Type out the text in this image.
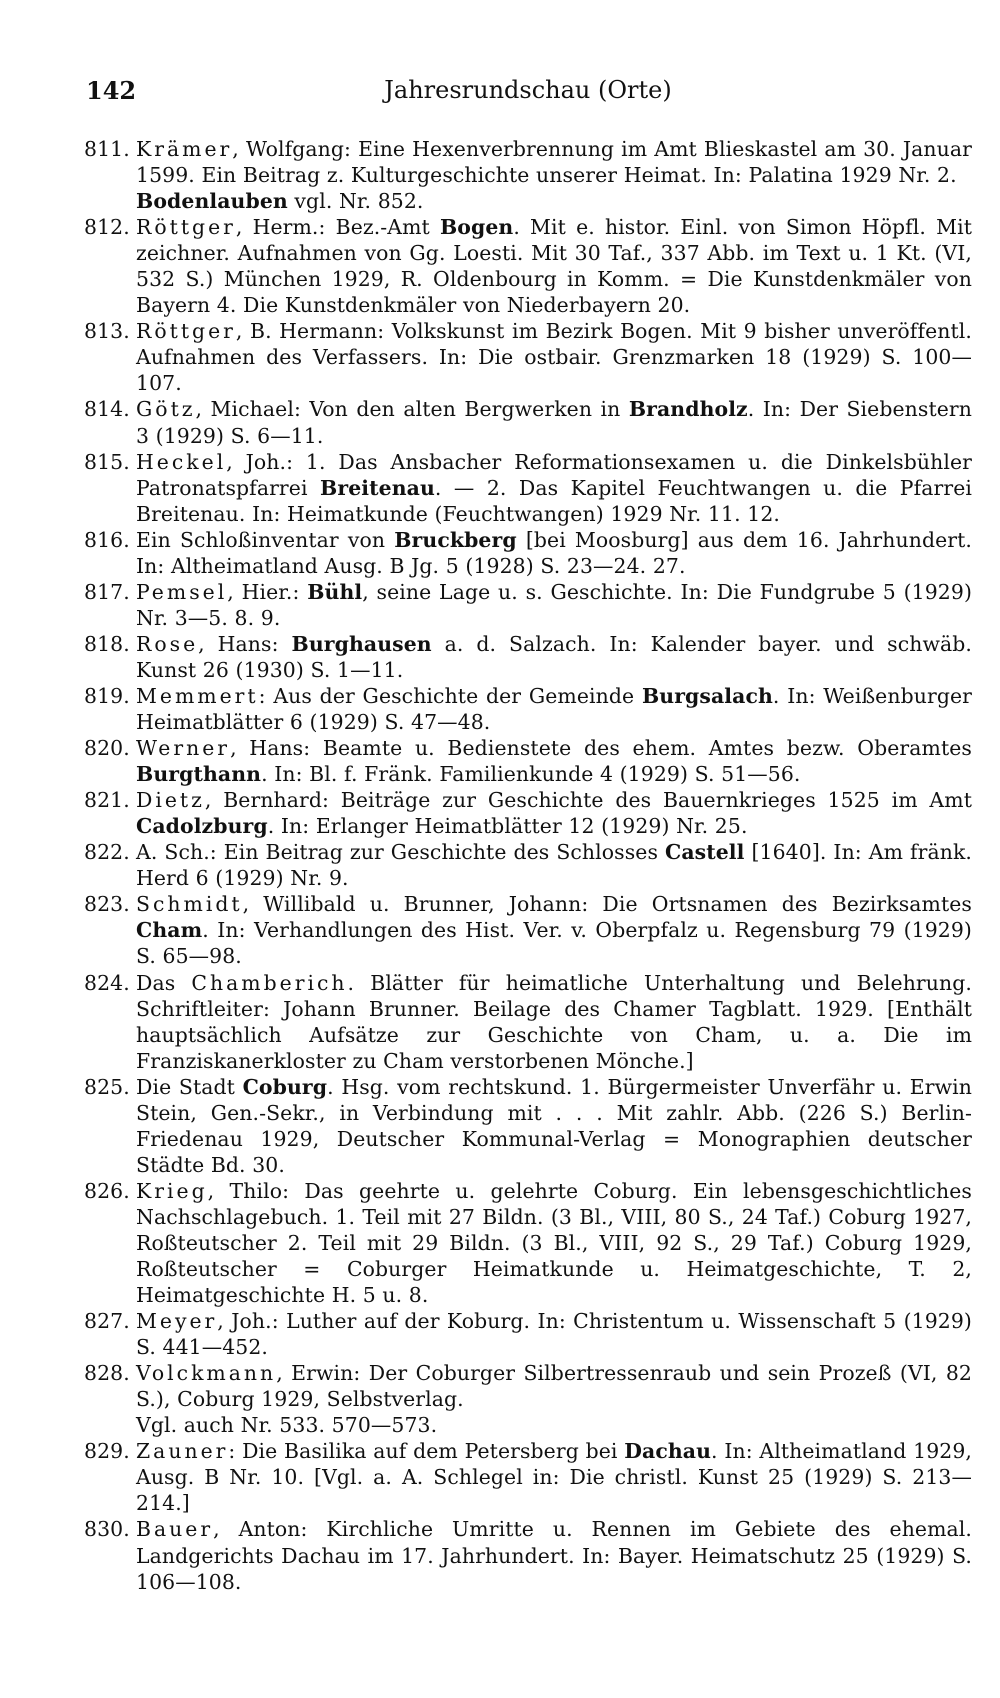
142	Jahresrundschau (Orte)
811. Krämer, Wolfgang: Eine Hexenverbrennung im Amt Blieskastel am 30. Januar 1599. Ein Beitrag z. Kulturgeschichte unserer Heimat. In: Palatina 1929 Nr. 2.
Bodenlauben vgl. Nr. 852.
812. Röttger, Herm.: Bez.-Amt Bogen. Mit e. histor. Einl. von Simon Höpfl. Mit zeichner. Aufnahmen von Gg. Loesti. Mit 30 Taf., 337 Abb. im Text u. 1 Kt. (VI, 532 S.) München 1929, R. Oldenbourg in Komm. = Die Kunstdenkmäler von Bayern 4. Die Kunstdenkmäler von Niederbayern 20.
813. Röttger, B. Hermann: Volkskunst im Bezirk Bogen. Mit 9 bisher unveröffentl. Aufnahmen des Verfassers. In: Die ostbair. Grenzmarken 18 (1929) S. 100—107.
814. Götz, Michael: Von den alten Bergwerken in Brandholz. In: Der Siebenstern 3 (1929) S. 6—11.
815. Heckel, Joh.: 1. Das Ansbacher Reformationsexamen u. die Dinkelsbühler Patronatspfarrei Breitenau. — 2. Das Kapitel Feuchtwangen u. die Pfarrei Breitenau. In: Heimatkunde (Feuchtwangen) 1929 Nr. 11. 12.
816. Ein Schloßinventar von Bruckberg [bei Moosburg] aus dem 16. Jahrhundert. In: Altheimatland Ausg. B Jg. 5 (1928) S. 23—24. 27.
817. Pemsel, Hier.: Bühl, seine Lage u. s. Geschichte. In: Die Fundgrube 5 (1929) Nr. 3—5. 8. 9.
818. Rose, Hans: Burghausen a. d. Salzach. In: Kalender bayer. und schwäb. Kunst 26 (1930) S. 1—11.
819. Memmert: Aus der Geschichte der Gemeinde Burgsalach. In: Weißenburger Heimatblätter 6 (1929) S. 47—48.
820. Werner, Hans: Beamte u. Bedienstete des ehem. Amtes bezw. Oberamtes Burgthann. In: Bl. f. Fränk. Familienkunde 4 (1929) S. 51—56.
821. Dietz, Bernhard: Beiträge zur Geschichte des Bauernkrieges 1525 im Amt Cadolzburg. In: Erlanger Heimatblätter 12 (1929) Nr. 25.
822. A. Sch.: Ein Beitrag zur Geschichte des Schlosses Castell [1640]. In: Am fränk. Herd 6 (1929) Nr. 9.
823. Schmidt, Willibald u. Brunner, Johann: Die Ortsnamen des Bezirksamtes Cham. In: Verhandlungen des Hist. Ver. v. Oberpfalz u. Regensburg 79 (1929) S. 65—98.
824. Das Chamberich. Blätter für heimatliche Unterhaltung und Belehrung. Schriftleiter: Johann Brunner. Beilage des Chamer Tagblatt. 1929. [Enthält hauptsächlich Aufsätze zur Geschichte von Cham, u. a. Die im Franziskanerkloster zu Cham verstorbenen Mönche.]
825. Die Stadt Coburg. Hsg. vom rechtskund. 1. Bürgermeister Unverfähr u. Erwin Stein, Gen.-Sekr., in Verbindung mit . . . Mit zahlr. Abb. (226 S.) Berlin-Friedenau 1929, Deutscher Kommunal-Verlag = Monographien deutscher Städte Bd. 30.
826. Krieg, Thilo: Das geehrte u. gelehrte Coburg. Ein lebensgeschichtliches Nachschlagebuch. 1. Teil mit 27 Bildn. (3 Bl., VIII, 80 S., 24 Taf.) Coburg 1927, Roßteutscher 2. Teil mit 29 Bildn. (3 Bl., VIII, 92 S., 29 Taf.) Coburg 1929, Roßteutscher = Coburger Heimatkunde u. Heimatgeschichte, T. 2, Heimatgeschichte H. 5 u. 8.
827. Meyer, Joh.: Luther auf der Koburg. In: Christentum u. Wissenschaft 5 (1929) S. 441—452.
828. Volckmann, Erwin: Der Coburger Silbertressenraub und sein Prozeß (VI, 82 S.), Coburg 1929, Selbstverlag.
Vgl. auch Nr. 533. 570—573.
829. Zauner: Die Basilika auf dem Petersberg bei Dachau. In: Altheimatland 1929, Ausg. B Nr. 10. [Vgl. a. A. Schlegel in: Die christl. Kunst 25 (1929) S. 213—214.]
830. Bauer, Anton: Kirchliche Umritte u. Rennen im Gebiete des ehemal. Landgerichts Dachau im 17. Jahrhundert. In: Bayer. Heimatschutz 25 (1929) S. 106—108.
